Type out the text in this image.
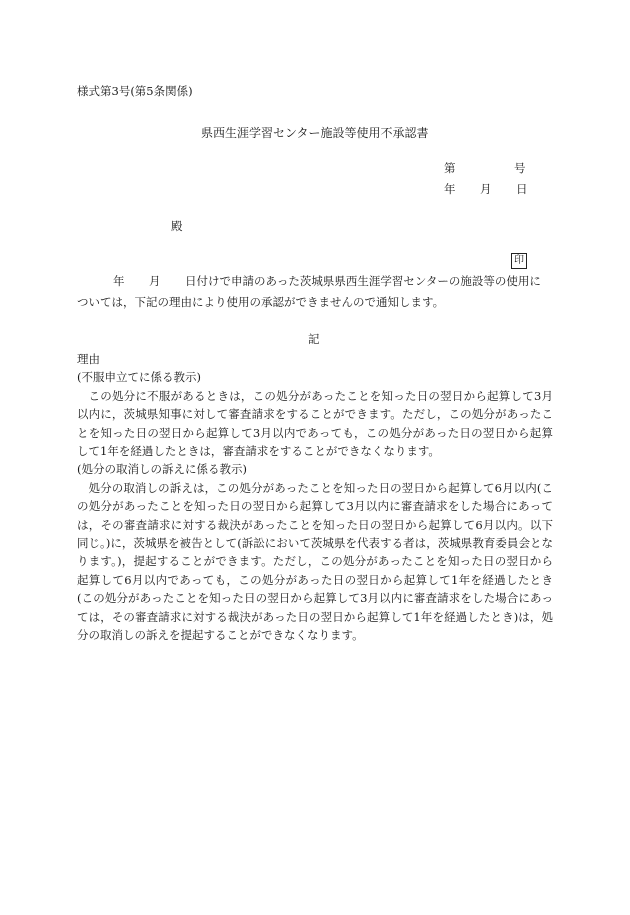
様式第3号(第5条関係)
県西生涯学習センター施設等使用不承認書
第	号
年 月 日
殿
印
年 月 日付けで申請のあった茨城県県西生涯学習センターの施設等の使用に
ついては，下記の理由により使用の承認ができませんので通知します。
記

理由

(不服申立てに係る教示)

この処分に不服があるときは，この処分があったことを知った日の翌日から起算して3月以内に，茨城県知事に対して審査請求をすることができます。ただし，この処分があったことを知った日の翌日から起算して3月以内であっても，この処分があった日の翌日から起算して1年を経過したときは，審査請求をすることができなくなります。

(処分の取消しの訴えに係る教示)

処分の取消しの訴えは，この処分があったことを知った日の翌日から起算して6月以内(この処分があったことを知った日の翌日から起算して3月以内に審査請求をした場合にあっては，その審査請求に対する裁決があったことを知った日の翌日から起算して6月以内。以下同じ。)に，茨城県を被告として(訴訟において茨城県を代表する者は，茨城県教育委員会となります。)，提起することができます。ただし，この処分があったことを知った日の翌日から起算して6月以内であっても，この処分があった日の翌日から起算して1年を経過したとき(この処分があったことを知った日の翌日から起算して3月以内に審査請求をした場合にあっては，その審査請求に対する裁決があった日の翌日から起算して1年を経過したとき)は，処分の取消しの訴えを提起することができなくなります。
